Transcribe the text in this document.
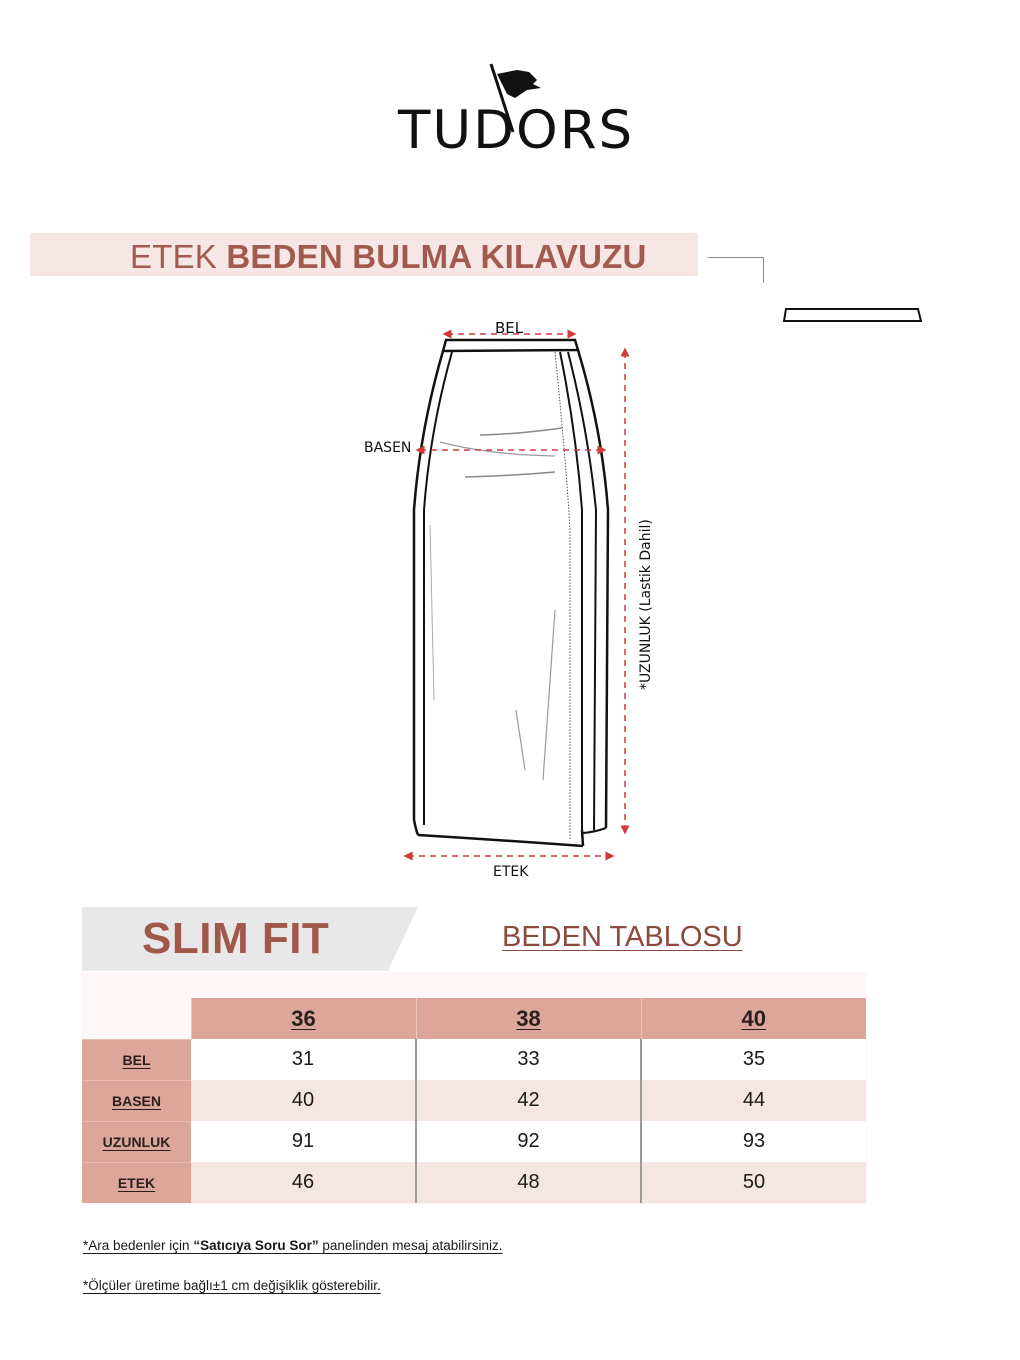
TUDORS
ETEK BEDEN BULMA KILAVUZU
BEL
BASEN
ETEK
*UZUNLUK (Lastik Dahil)
SLIM FIT	BEDEN TABLOSU
	36	38	40
BEL	31	33	35
BASEN	40	42	44
UZUNLUK	91	92	93
ETEK	46	48	50
*Ara bedenler için “Satıcıya Soru Sor” panelinden mesaj atabilirsiniz.
*Ölçüler üretime bağlı±1 cm değişiklik gösterebilir.
